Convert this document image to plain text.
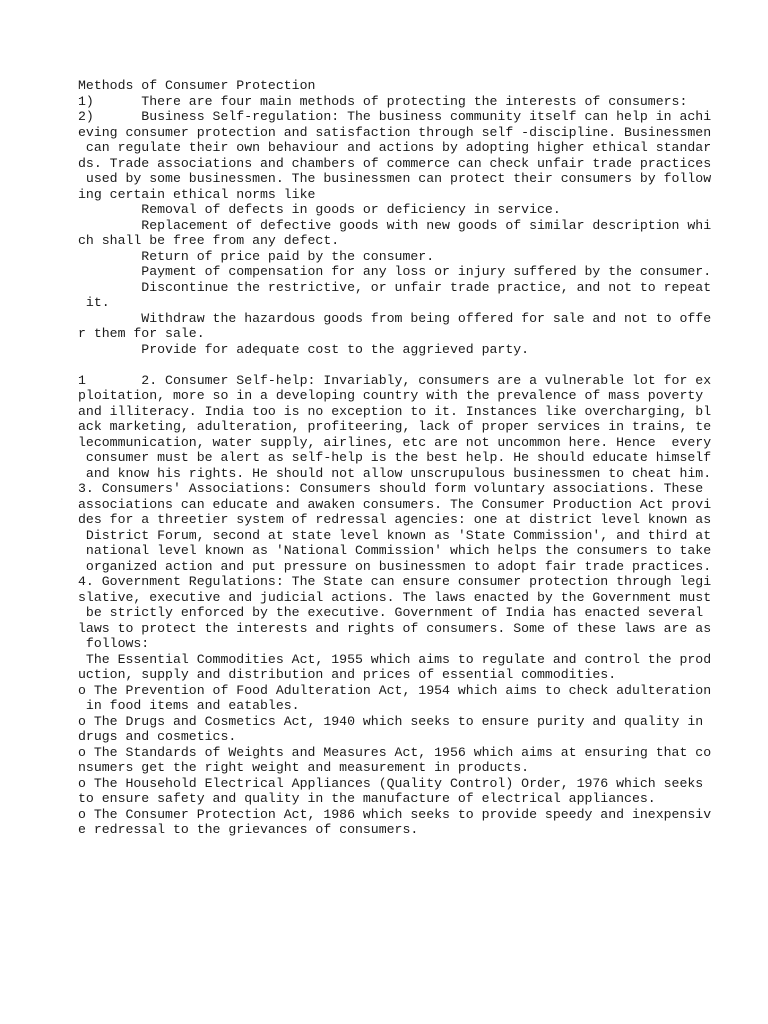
Methods of Consumer Protection
1)      There are four main methods of protecting the interests of consumers:
2)      Business Self-regulation: The business community itself can help in achi
eving consumer protection and satisfaction through self -discipline. Businessmen
can regulate their own behaviour and actions by adopting higher ethical standar
ds. Trade associations and chambers of commerce can check unfair trade practices
used by some businessmen. The businessmen can protect their consumers by follow
ing certain ethical norms like
Removal of defects in goods or deficiency in service.
Replacement of defective goods with new goods of similar description whi
ch shall be free from any defect.
Return of price paid by the consumer.
Payment of compensation for any loss or injury suffered by the consumer.
Discontinue the restrictive, or unfair trade practice, and not to repeat
it.
Withdraw the hazardous goods from being offered for sale and not to offe
r them for sale.
Provide for adequate cost to the aggrieved party.

1       2. Consumer Self-help: Invariably, consumers are a vulnerable lot for ex
ploitation, more so in a developing country with the prevalence of mass poverty
and illiteracy. India too is no exception to it. Instances like overcharging, bl
ack marketing, adulteration, profiteering, lack of proper services in trains, te
lecommunication, water supply, airlines, etc are not uncommon here. Hence  every
consumer must be alert as self-help is the best help. He should educate himself
and know his rights. He should not allow unscrupulous businessmen to cheat him.
3. Consumers' Associations: Consumers should form voluntary associations. These
associations can educate and awaken consumers. The Consumer Production Act provi
des for a threetier system of redressal agencies: one at district level known as
District Forum, second at state level known as 'State Commission', and third at
national level known as 'National Commission' which helps the consumers to take
organized action and put pressure on businessmen to adopt fair trade practices.
4. Government Regulations: The State can ensure consumer protection through legi
slative, executive and judicial actions. The laws enacted by the Government must
be strictly enforced by the executive. Government of India has enacted several
laws to protect the interests and rights of consumers. Some of these laws are as
follows:
The Essential Commodities Act, 1955 which aims to regulate and control the prod
uction, supply and distribution and prices of essential commodities.
o The Prevention of Food Adulteration Act, 1954 which aims to check adulteration
in food items and eatables.
o The Drugs and Cosmetics Act, 1940 which seeks to ensure purity and quality in
drugs and cosmetics.
o The Standards of Weights and Measures Act, 1956 which aims at ensuring that co
nsumers get the right weight and measurement in products.
o The Household Electrical Appliances (Quality Control) Order, 1976 which seeks
to ensure safety and quality in the manufacture of electrical appliances.
o The Consumer Protection Act, 1986 which seeks to provide speedy and inexpensiv
e redressal to the grievances of consumers.
